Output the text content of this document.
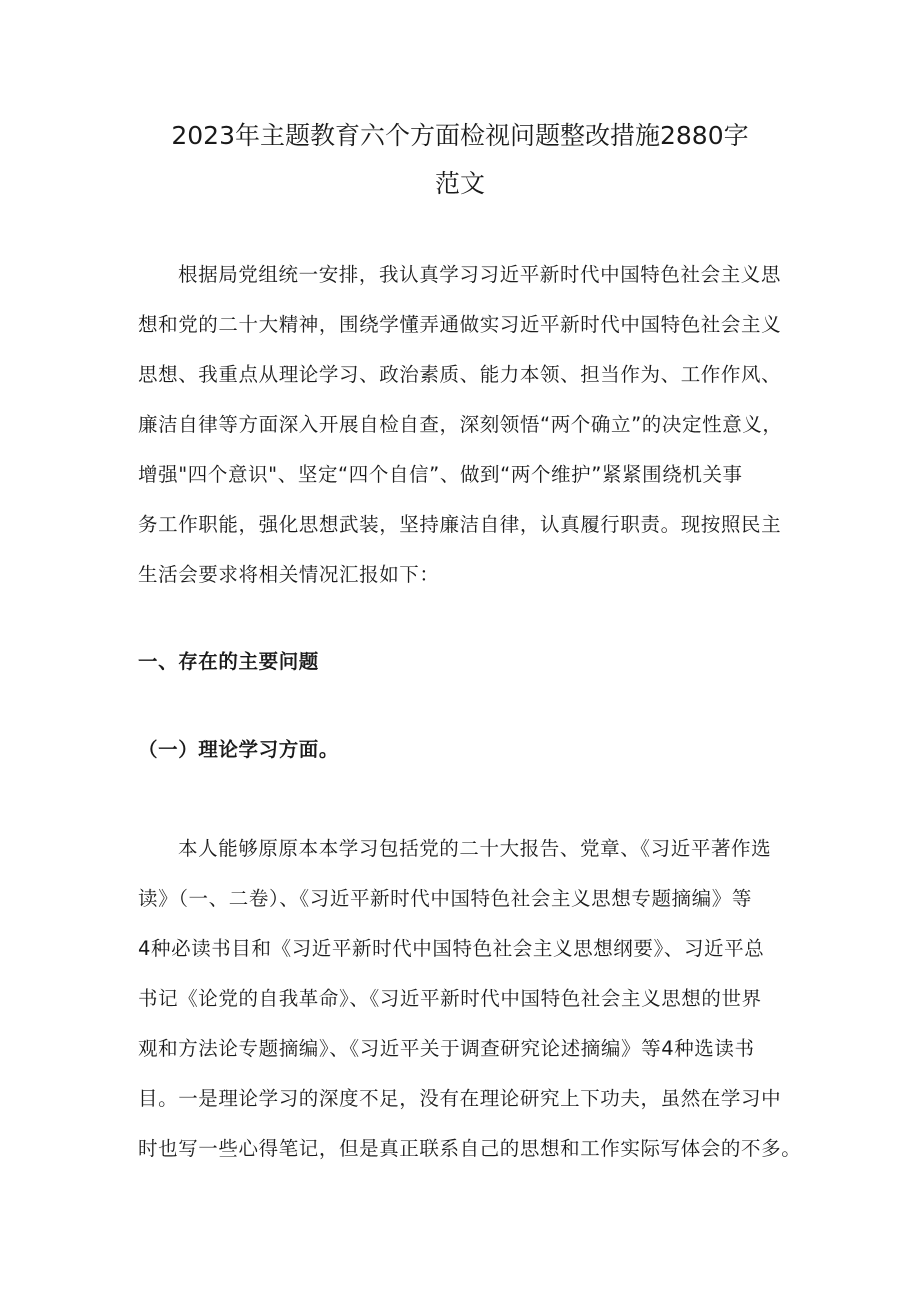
2023年主题教育六个方面检视问题整改措施2880字
范文

根据局党组统一安排，我认真学习习近平新时代中国特色社会主义思

想和党的二十大精神，围绕学懂弄通做实习近平新时代中国特色社会主义

思想、我重点从理论学习、政治素质、能力本领、担当作为、工作作风、

廉洁自律等方面深入开展自检自查，深刻领悟“两个确立”的决定性意义，

增强"四个意识"、坚定“四个自信”、做到“两个维护”紧紧围绕机关事

务工作职能，强化思想武装，坚持廉洁自律，认真履行职责。现按照民主

生活会要求将相关情况汇报如下：

一、存在的主要问题

（一）理论学习方面。

本人能够原原本本学习包括党的二十大报告、党章、《习近平著作选

读》（一、二卷）、《习近平新时代中国特色社会主义思想专题摘编》等

4种必读书目和《习近平新时代中国特色社会主义思想纲要》、习近平总

书记《论党的自我革命》、《习近平新时代中国特色社会主义思想的世界

观和方法论专题摘编》、《习近平关于调查研究论述摘编》等4种选读书

目。一是理论学习的深度不足，没有在理论研究上下功夫，虽然在学习中

时也写一些心得笔记，但是真正联系自己的思想和工作实际写体会的不多。
